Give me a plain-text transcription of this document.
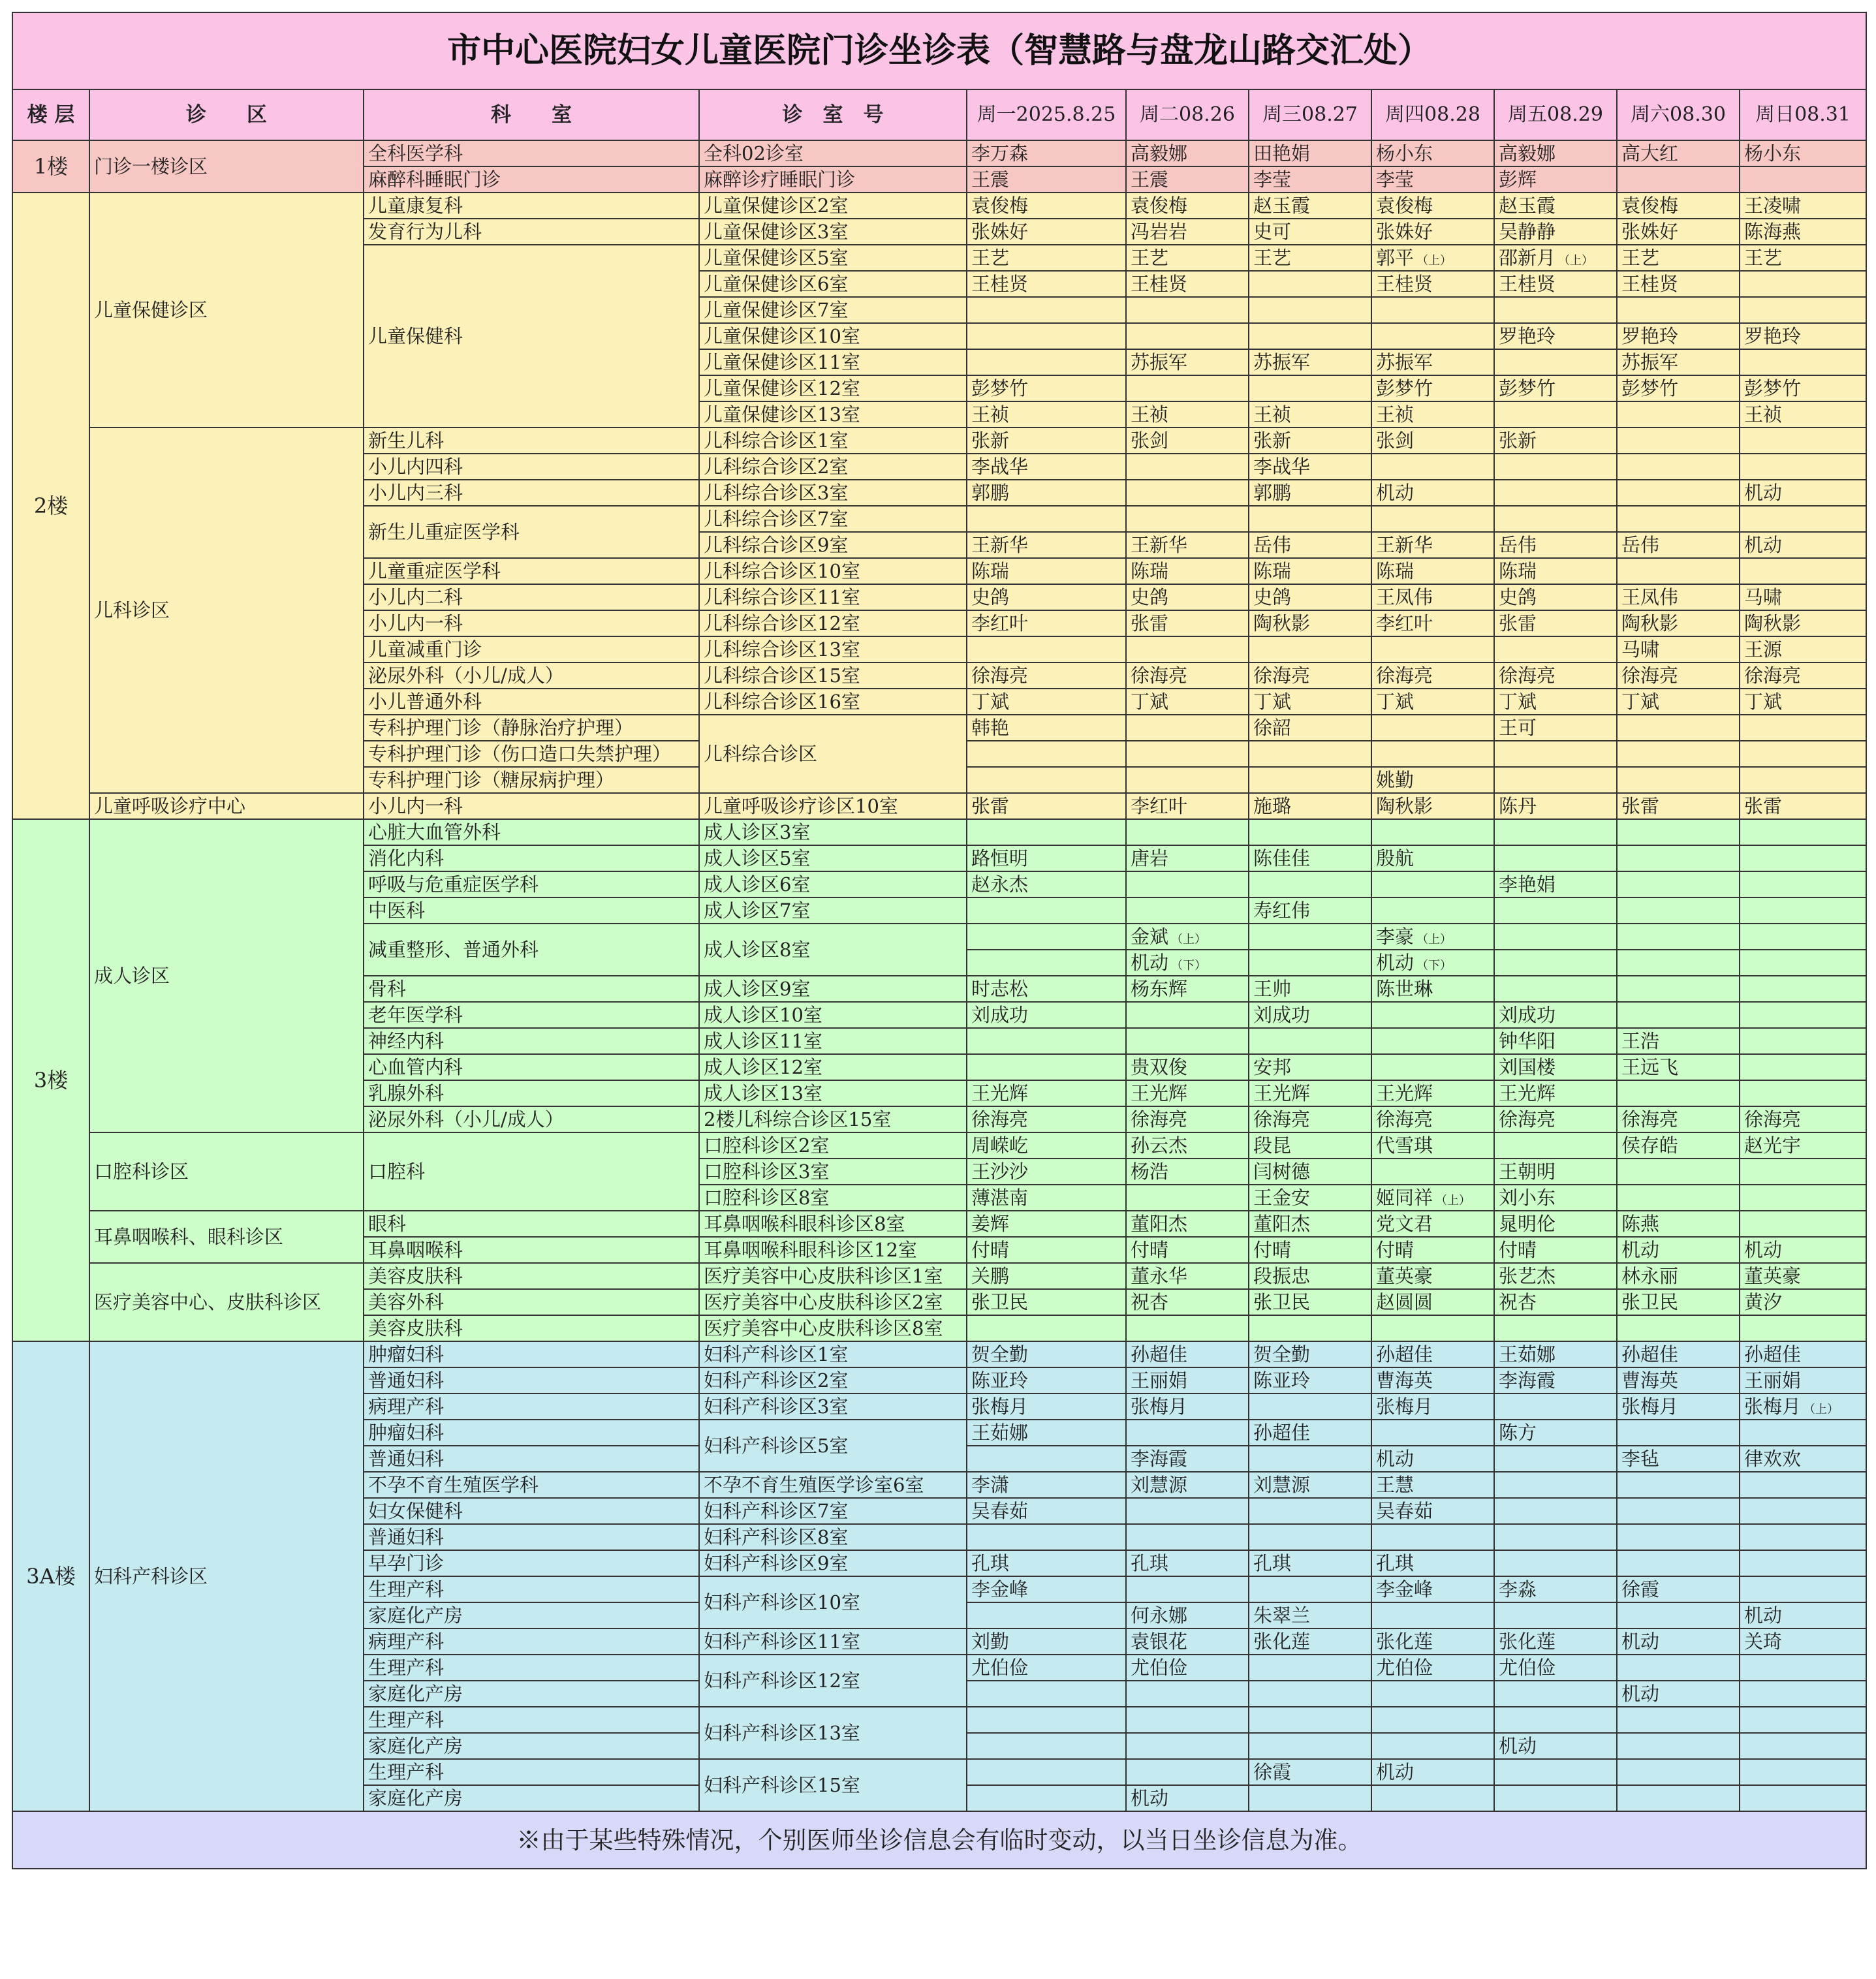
市中心医院妇女儿童医院门诊坐诊表（智慧路与盘龙山路交汇处）										
楼 层	诊　　区	科　　室	诊　室　号	周一2025.8.25	周二08.26	周三08.27	周四08.28	周五08.29	周六08.30	周日08.31
1楼	门诊一楼诊区	全科医学科	全科02诊室	李万森	高毅娜	田艳娟	杨小东	高毅娜	高大红	杨小东
		麻醉科睡眠门诊	麻醉诊疗睡眠门诊	王震	王震	李莹	李莹	彭辉		
2楼	儿童保健诊区	儿童康复科	儿童保健诊区2室	袁俊梅	袁俊梅	赵玉霞	袁俊梅	赵玉霞	袁俊梅	王凌啸
		发育行为儿科	儿童保健诊区3室	张姝好	冯岩岩	史可	张姝好	吴静静	张姝好	陈海燕
		儿童保健科	儿童保健诊区5室	王艺	王艺	王艺	郭平 （上）	邵新月 （上）	王艺	王艺
			儿童保健诊区6室	王桂贤	王桂贤		王桂贤	王桂贤	王桂贤	
			儿童保健诊区7室							
			儿童保健诊区10室					罗艳玲	罗艳玲	罗艳玲
			儿童保健诊区11室		苏振军	苏振军	苏振军		苏振军	
			儿童保健诊区12室	彭梦竹			彭梦竹	彭梦竹	彭梦竹	彭梦竹
			儿童保健诊区13室	王祯	王祯	王祯	王祯			王祯
	儿科诊区	新生儿科	儿科综合诊区1室	张新	张剑	张新	张剑	张新		
		小儿内四科	儿科综合诊区2室	李战华		李战华				
		小儿内三科	儿科综合诊区3室	郭鹏		郭鹏	机动			机动
		新生儿重症医学科	儿科综合诊区7室							
			儿科综合诊区9室	王新华	王新华	岳伟	王新华	岳伟	岳伟	机动
		儿童重症医学科	儿科综合诊区10室	陈瑞	陈瑞	陈瑞	陈瑞	陈瑞		
		小儿内二科	儿科综合诊区11室	史鸽	史鸽	史鸽	王凤伟	史鸽	王凤伟	马啸
		小儿内一科	儿科综合诊区12室	李红叶	张雷	陶秋影	李红叶	张雷	陶秋影	陶秋影
		儿童减重门诊	儿科综合诊区13室						马啸	王源
		泌尿外科（小儿/成人）	儿科综合诊区15室	徐海亮	徐海亮	徐海亮	徐海亮	徐海亮	徐海亮	徐海亮
		小儿普通外科	儿科综合诊区16室	丁斌	丁斌	丁斌	丁斌	丁斌	丁斌	丁斌
		专科护理门诊（静脉治疗护理）	儿科综合诊区	韩艳		徐韶		王可		
		专科护理门诊（伤口造口失禁护理）								
		专科护理门诊（糖尿病护理）					姚勤			
	儿童呼吸诊疗中心	小儿内一科	儿童呼吸诊疗诊区10室	张雷	李红叶	施璐	陶秋影	陈丹	张雷	张雷
3楼	成人诊区	心脏大血管外科	成人诊区3室							
		消化内科	成人诊区5室	路恒明	唐岩	陈佳佳	殷航			
		呼吸与危重症医学科	成人诊区6室	赵永杰				李艳娟		
		中医科	成人诊区7室			寿红伟				
		减重整形、普通外科	成人诊区8室		金斌 （上）		李豪 （上）			
					机动 （下）		机动 （下）			
		骨科	成人诊区9室	时志松	杨东辉	王帅	陈世琳			
		老年医学科	成人诊区10室	刘成功		刘成功		刘成功		
		神经内科	成人诊区11室					钟华阳	王浩	
		心血管内科	成人诊区12室		贵双俊	安邦		刘国楼	王远飞	
		乳腺外科	成人诊区13室	王光辉	王光辉	王光辉	王光辉	王光辉		
		泌尿外科（小儿/成人）	2楼儿科综合诊区15室	徐海亮	徐海亮	徐海亮	徐海亮	徐海亮	徐海亮	徐海亮
	口腔科诊区	口腔科	口腔科诊区2室	周嵘屹	孙云杰	段昆	代雪琪		侯存皓	赵光宇
			口腔科诊区3室	王沙沙	杨浩	闫树德		王朝明		
			口腔科诊区8室	薄湛南		王金安	姬同祥 （上）	刘小东		
	耳鼻咽喉科、眼科诊区	眼科	耳鼻咽喉科眼科诊区8室	姜辉	董阳杰	董阳杰	党文君	晁明伦	陈燕	
		耳鼻咽喉科	耳鼻咽喉科眼科诊区12室	付晴	付晴	付晴	付晴	付晴	机动	机动
	医疗美容中心、皮肤科诊区	美容皮肤科	医疗美容中心皮肤科诊区1室	关鹏	董永华	段振忠	董英豪	张艺杰	林永丽	董英豪
		美容外科	医疗美容中心皮肤科诊区2室	张卫民	祝杏	张卫民	赵圆圆	祝杏	张卫民	黄汐
		美容皮肤科	医疗美容中心皮肤科诊区8室							
3A楼	妇科产科诊区	肿瘤妇科	妇科产科诊区1室	贺全勤	孙超佳	贺全勤	孙超佳	王茹娜	孙超佳	孙超佳
		普通妇科	妇科产科诊区2室	陈亚玲	王丽娟	陈亚玲	曹海英	李海霞	曹海英	王丽娟
		病理产科	妇科产科诊区3室	张梅月	张梅月		张梅月		张梅月	张梅月 （上）
		肿瘤妇科	妇科产科诊区5室	王茹娜		孙超佳		陈方		
		普通妇科			李海霞		机动		李毡	律欢欢
		不孕不育生殖医学科	不孕不育生殖医学诊室6室	李潇	刘慧源	刘慧源	王慧			
		妇女保健科	妇科产科诊区7室	吴春茹			吴春茹			
		普通妇科	妇科产科诊区8室							
		早孕门诊	妇科产科诊区9室	孔琪	孔琪	孔琪	孔琪			
		生理产科	妇科产科诊区10室	李金峰			李金峰	李淼	徐霞	
		家庭化产房			何永娜	朱翠兰				机动
		病理产科	妇科产科诊区11室	刘勤	袁银花	张化莲	张化莲	张化莲	机动	关琦
		生理产科	妇科产科诊区12室	尤伯俭	尤伯俭		尤伯俭	尤伯俭		
		家庭化产房							机动	
		生理产科	妇科产科诊区13室							
		家庭化产房						机动		
		生理产科	妇科产科诊区15室			徐霞	机动			
		家庭化产房			机动					
※由于某些特殊情况，个别医师坐诊信息会有临时变动，以当日坐诊信息为准。										
